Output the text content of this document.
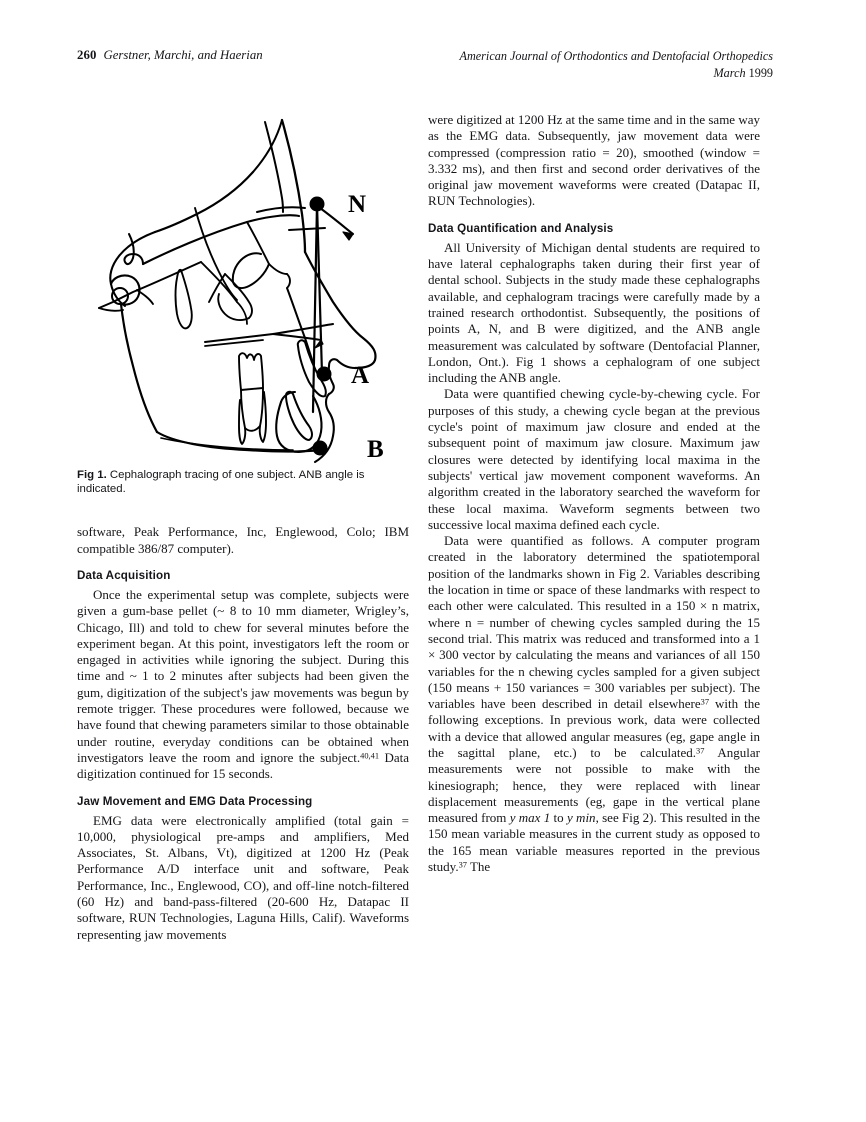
260 Gerstner, Marchi, and Haerian	American Journal of Orthodontics and Dentofacial Orthopedics
March 1999
N
A
B
Fig 1. Cephalograph tracing of one subject. ANB angle is indicated.

software, Peak Performance, Inc, Englewood, Colo; IBM compatible 386/87 computer).

Data Acquisition

Once the experimental setup was complete, subjects were given a gum-base pellet (~ 8 to 10 mm diameter, Wrigley’s, Chicago, Ill) and told to chew for several minutes before the experiment began. At this point, investigators left the room or engaged in activities while ignoring the subject. During this time and ~ 1 to 2 minutes after subjects had been given the gum, digitization of the subject's jaw movements was begun by remote trigger. These procedures were followed, because we have found that chewing parameters similar to those obtainable under routine, everyday conditions can be obtained when investigators leave the room and ignore the subject.$^{40,41}$ Data digitization continued for 15 seconds.

Jaw Movement and EMG Data Processing

EMG data were electronically amplified (total gain = 10,000, physiological pre-amps and amplifiers, Med Associates, St. Albans, Vt), digitized at 1200 Hz (Peak Performance A/D interface unit and software, Peak Performance, Inc., Englewood, CO), and off-line notch-filtered (60 Hz) and band-pass-filtered (20-600 Hz, Datapac II software, RUN Technologies, Laguna Hills, Calif). Waveforms representing jaw movements

were digitized at 1200 Hz at the same time and in the same way as the EMG data. Subsequently, jaw movement data were compressed (compression ratio = 20), smoothed (window = 3.332 ms), and then first and second order derivatives of the original jaw movement waveforms were created (Datapac II, RUN Technologies).

Data Quantification and Analysis

All University of Michigan dental students are required to have lateral cephalographs taken during their first year of dental school. Subjects in the study made these cephalographs available, and cephalogram tracings were carefully made by a trained research orthodontist. Subsequently, the positions of points A, N, and B were digitized, and the ANB angle measurement was calculated by software (Dentofacial Planner, London, Ont.). Fig 1 shows a cephalogram of one subject including the ANB angle.

Data were quantified chewing cycle-by-chewing cycle. For purposes of this study, a chewing cycle began at the previous cycle's point of maximum jaw closure and ended at the subsequent point of maximum jaw closure. Maximum jaw closures were detected by identifying local maxima in the subjects' vertical jaw movement component waveforms. An algorithm created in the laboratory searched the waveform for these local maxima. Waveform segments between two successive local maxima defined each cycle.

Data were quantified as follows. A computer program created in the laboratory determined the spatiotemporal position of the landmarks shown in Fig 2. Variables describing the location in time or space of these landmarks with respect to each other were calculated. This resulted in a 150 × n matrix, where n = number of chewing cycles sampled during the 15 second trial. This matrix was reduced and transformed into a 1 × 300 vector by calculating the means and variances of all 150 variables for the n chewing cycles sampled for a given subject (150 means + 150 variances = 300 variables per subject). The variables have been described in detail elsewhere$^{37}$ with the following exceptions. In previous work, data were collected with a device that allowed angular measures (eg, gape angle in the sagittal plane, etc.) to be calculated.$^{37}$ Angular measurements were not possible to make with the kinesiograph; hence, they were replaced with linear displacement measurements (eg, gape in the vertical plane measured from y max 1 to y min, see Fig 2). This resulted in the 150 mean variable measures in the current study as opposed to the 165 mean variable measures reported in the previous study.$^{37}$ The
